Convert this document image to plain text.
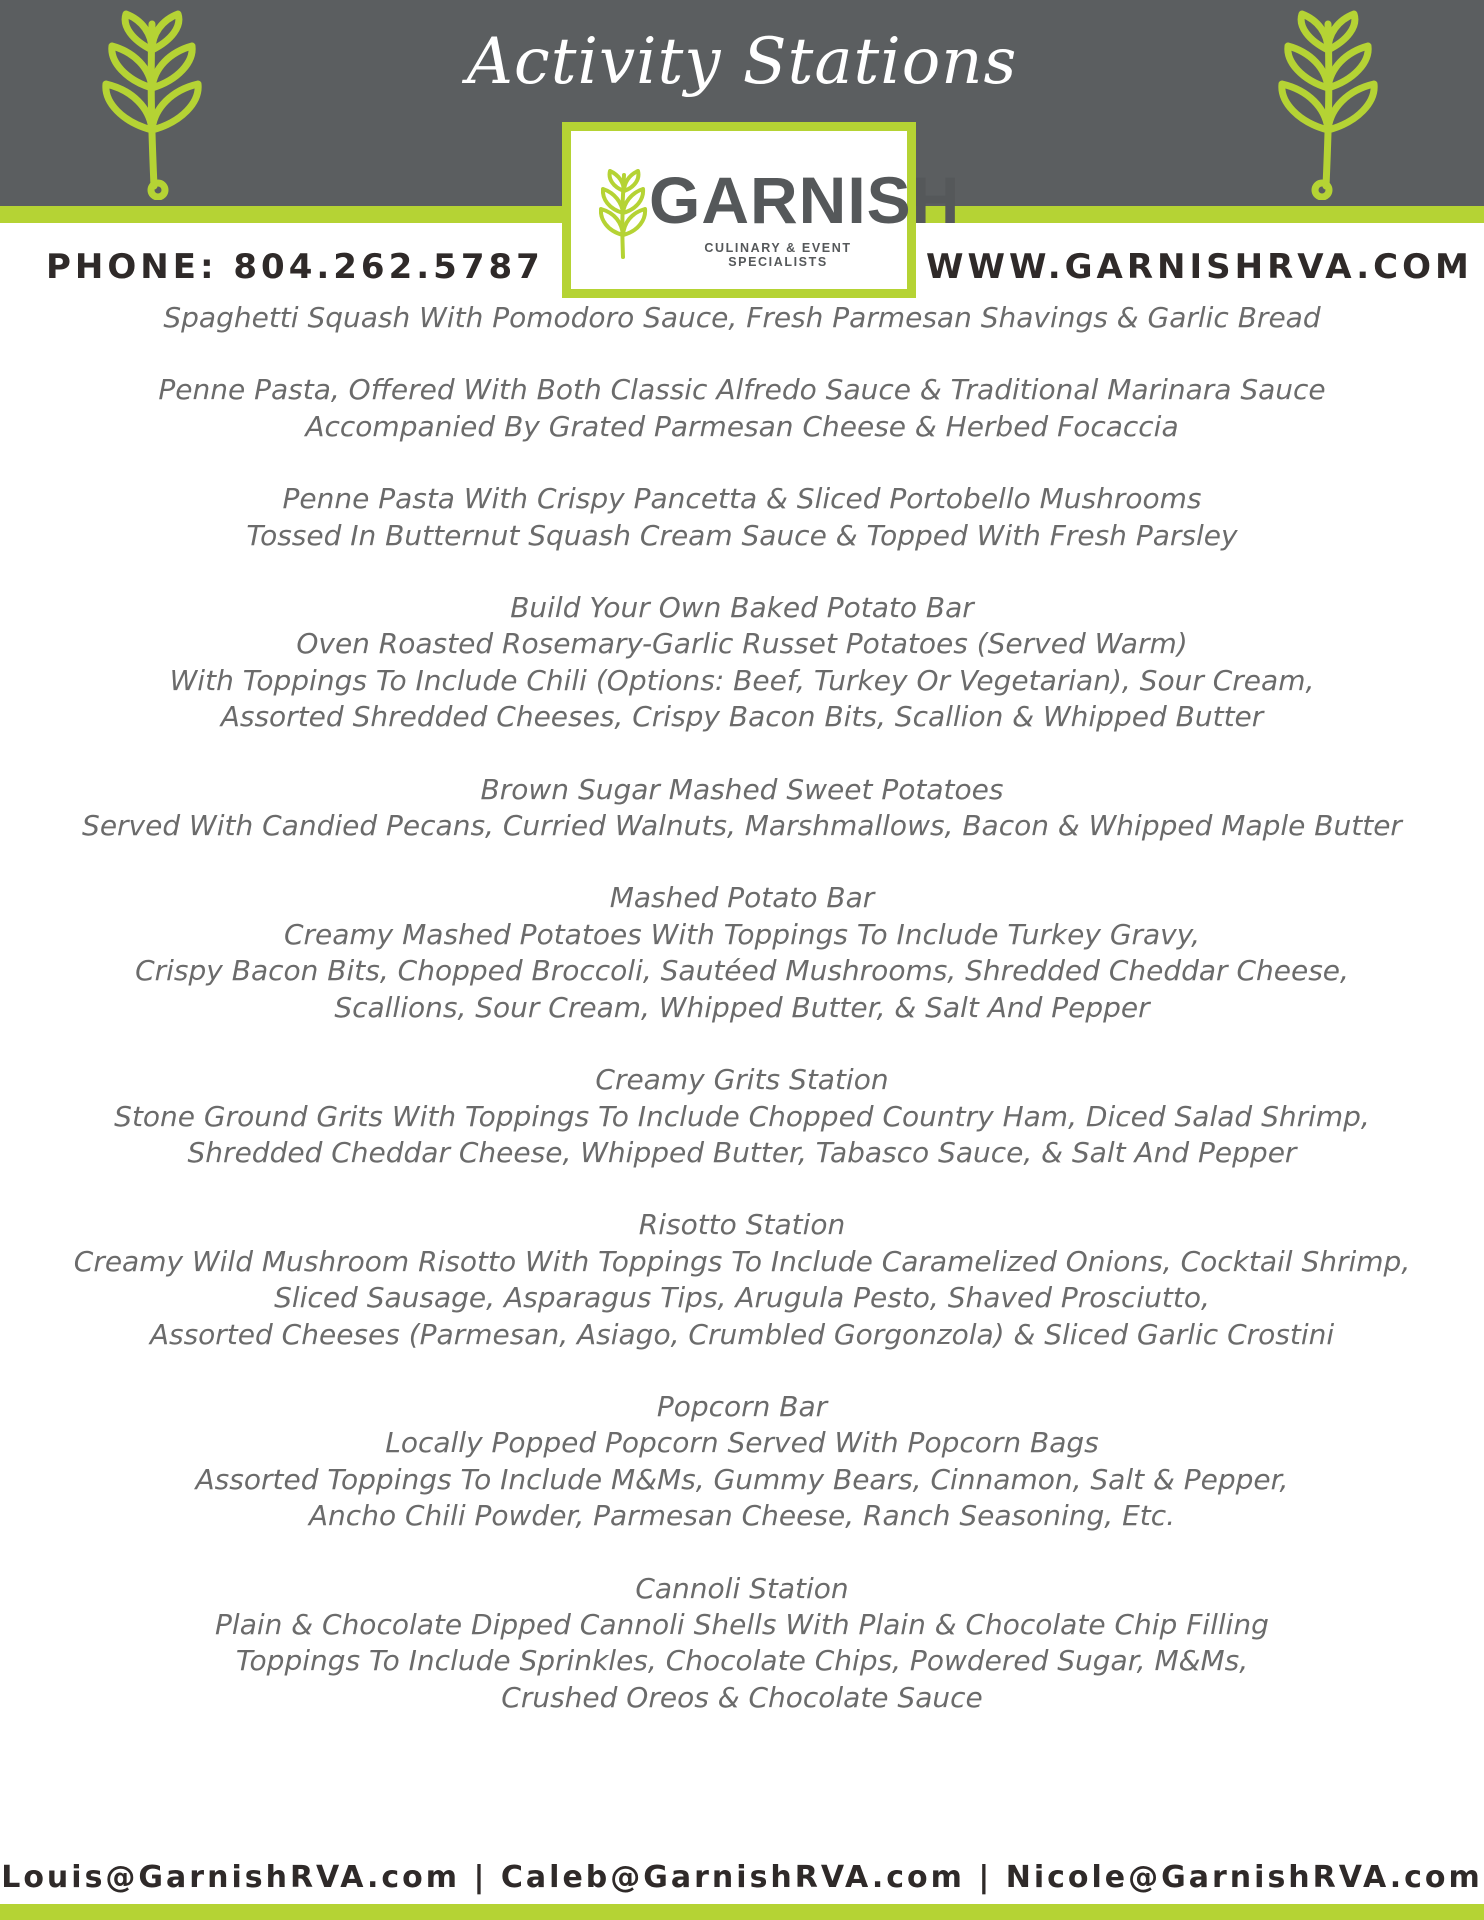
Activity Stations
GARNISH
CULINARY & EVENT SPECIALISTS
PHONE: 804.262.5787	WWW.GARNISHRVA.COM
Spaghetti Squash With Pomodoro Sauce, Fresh Parmesan Shavings & Garlic Bread
Penne Pasta, Offered With Both Classic Alfredo Sauce & Traditional Marinara Sauce
Accompanied By Grated Parmesan Cheese & Herbed Focaccia
Penne Pasta With Crispy Pancetta & Sliced Portobello Mushrooms
Tossed In Butternut Squash Cream Sauce & Topped With Fresh Parsley
Build Your Own Baked Potato Bar
Oven Roasted Rosemary-Garlic Russet Potatoes (Served Warm)
With Toppings To Include Chili (Options: Beef, Turkey Or Vegetarian), Sour Cream,
Assorted Shredded Cheeses, Crispy Bacon Bits, Scallion & Whipped Butter
Brown Sugar Mashed Sweet Potatoes
Served With Candied Pecans, Curried Walnuts, Marshmallows, Bacon & Whipped Maple Butter
Mashed Potato Bar
Creamy Mashed Potatoes With Toppings To Include Turkey Gravy,
Crispy Bacon Bits, Chopped Broccoli, Sautéed Mushrooms, Shredded Cheddar Cheese,
Scallions, Sour Cream, Whipped Butter, & Salt And Pepper
Creamy Grits Station
Stone Ground Grits With Toppings To Include Chopped Country Ham, Diced Salad Shrimp,
Shredded Cheddar Cheese, Whipped Butter, Tabasco Sauce, & Salt And Pepper
Risotto Station
Creamy Wild Mushroom Risotto With Toppings To Include Caramelized Onions, Cocktail Shrimp,
Sliced Sausage, Asparagus Tips, Arugula Pesto, Shaved Prosciutto,
Assorted Cheeses (Parmesan, Asiago, Crumbled Gorgonzola) & Sliced Garlic Crostini
Popcorn Bar
Locally Popped Popcorn Served With Popcorn Bags
Assorted Toppings To Include M&Ms, Gummy Bears, Cinnamon, Salt & Pepper,
Ancho Chili Powder, Parmesan Cheese, Ranch Seasoning, Etc.
Cannoli Station
Plain & Chocolate Dipped Cannoli Shells With Plain & Chocolate Chip Filling
Toppings To Include Sprinkles, Chocolate Chips, Powdered Sugar, M&Ms,
Crushed Oreos & Chocolate Sauce
Louis@GarnishRVA.com | Caleb@GarnishRVA.com | Nicole@GarnishRVA.com
